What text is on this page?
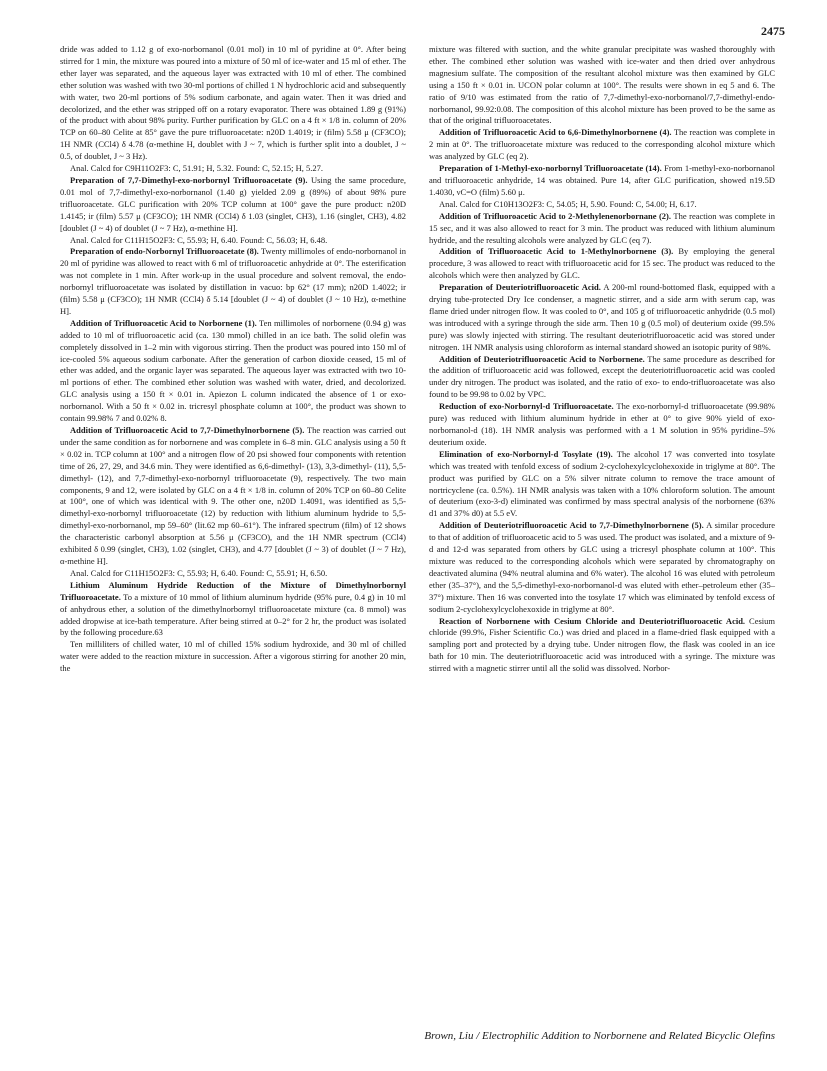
2475

dride was added to 1.12 g of exo-norbornanol (0.01 mol) in 10 ml of pyridine at 0°. After being stirred for 1 min, the mixture was poured into a mixture of 50 ml of ice-water and 15 ml of ether. The ether layer was separated, and the aqueous layer was extracted with 10 ml of ether. The combined ether solution was washed with two 30-ml portions of chilled 1 N hydrochloric acid and subsequently with water, two 20-ml portions of 5% sodium carbonate, and again water. Then it was dried and decolorized, and the ether was stripped off on a rotary evaporator. There was obtained 1.89 g (91%) of the product with about 98% purity. Further purification by GLC on a 4 ft × 1/8 in. column of 20% TCP on 60–80 Celite at 85° gave the pure trifluoroacetate: n20D 1.4019; ir (film) 5.58 μ (CF3CO); 1H NMR (CCl4) δ 4.78 (α-methine H, doublet with J ~ 7, which is further split into a doublet, J ~ 0.5, of doublet, J ~ 3 Hz).

Anal. Calcd for C9H11O2F3: C, 51.91; H, 5.32. Found: C, 52.15; H, 5.27.

Preparation of 7,7-Dimethyl-exo-norbornyl Trifluoroacetate (9). Using the same procedure, 0.01 mol of 7,7-dimethyl-exo-norbornanol (1.40 g) yielded 2.09 g (89%) of about 98% pure trifluoroacetate. GLC purification with 20% TCP column at 100° gave the pure product: n20D 1.4145; ir (film) 5.57 μ (CF3CO); 1H NMR (CCl4) δ 1.03 (singlet, CH3), 1.16 (singlet, CH3), 4.82 [doublet (J ~ 4) of doublet (J ~ 7 Hz), α-methine H].

Anal. Calcd for C11H15O2F3: C, 55.93; H, 6.40. Found: C, 56.03; H, 6.48.

Preparation of endo-Norbornyl Trifluoroacetate (8). Twenty millimoles of endo-norbornanol in 20 ml of pyridine was allowed to react with 6 ml of trifluoroacetic anhydride at 0°. The esterification was not complete in 1 min. After work-up in the usual procedure and solvent removal, the endo-norbornyl trifluoroacetate was isolated by distillation in vacuo: bp 62° (17 mm); n20D 1.4022; ir (film) 5.58 μ (CF3CO); 1H NMR (CCl4) δ 5.14 [doublet (J ~ 4) of doublet (J ~ 10 Hz), α-methine H].

Addition of Trifluoroacetic Acid to Norbornene (1). Ten millimoles of norbornene (0.94 g) was added to 10 ml of trifluoroacetic acid (ca. 130 mmol) chilled in an ice bath. The solid olefin was completely dissolved in 1–2 min with vigorous stirring. Then the product was poured into 150 ml of ice-cooled 5% aqueous sodium carbonate. After the generation of carbon dioxide ceased, 15 ml of ether was added, and the organic layer was separated. The aqueous layer was extracted with two 10-ml portions of ether. The combined ether solution was washed with water, dried, and decolorized. GLC analysis using a 150 ft × 0.01 in. Apiezon L column indicated the absence of 1 or exo-norbornanol. With a 50 ft × 0.02 in. tricresyl phosphate column at 100°, the product was shown to contain 99.98% 7 and 0.02% 8.

Addition of Trifluoroacetic Acid to 7,7-Dimethylnorbornene (5). The reaction was carried out under the same condition as for norbornene and was complete in 6–8 min. GLC analysis using a 50 ft × 0.02 in. TCP column at 100° and a nitrogen flow of 20 psi showed four components with retention time of 26, 27, 29, and 34.6 min. They were identified as 6,6-dimethyl- (13), 3,3-dimethyl- (11), 5,5-dimethyl- (12), and 7,7-dimethyl-exo-norbornyl trifluoroacetate (9), respectively. The two main components, 9 and 12, were isolated by GLC on a 4 ft × 1/8 in. column of 20% TCP on 60–80 Celite at 100°, one of which was identical with 9. The other one, n20D 1.4091, was identified as 5,5-dimethyl-exo-norbornyl trifluoroacetate (12) by reduction with lithium aluminum hydride to 5,5-dimethyl-exo-norbornanol, mp 59–60° (lit.62 mp 60–61°). The infrared spectrum (film) of 12 shows the characteristic carbonyl absorption at 5.56 μ (CF3CO), and the 1H NMR spectrum (CCl4) exhibited δ 0.99 (singlet, CH3), 1.02 (singlet, CH3), and 4.77 [doublet (J ~ 3) of doublet (J ~ 7 Hz), α-methine H].

Anal. Calcd for C11H15O2F3: C, 55.93; H, 6.40. Found: C, 55.91; H, 6.50.

Lithium Aluminum Hydride Reduction of the Mixture of Dimethylnorbornyl Trifluoroacetate. To a mixture of 10 mmol of lithium aluminum hydride (95% pure, 0.4 g) in 10 ml of anhydrous ether, a solution of the dimethylnorbornyl trifluoroacetate mixture (ca. 8 mmol) was added dropwise at ice-bath temperature. After being stirred at 0–2° for 2 hr, the product was isolated by the following procedure.63

Ten milliliters of chilled water, 10 ml of chilled 15% sodium hydroxide, and 30 ml of chilled water were added to the reaction mixture in succession. After a vigorous stirring for another 20 min, the

mixture was filtered with suction, and the white granular precipitate was washed thoroughly with ether. The combined ether solution was washed with ice-water and then dried over anhydrous magnesium sulfate. The composition of the resultant alcohol mixture was then examined by GLC using a 150 ft × 0.01 in. UCON polar column at 100°. The results were shown in eq 5 and 6. The ratio of 9/10 was estimated from the ratio of 7,7-dimethyl-exo-norbornanol/7,7-dimethyl-endo-norbornanol, 99.92:0.08. The composition of this alcohol mixture has been proved to be the same as that of the original trifluoroacetates.

Addition of Trifluoroacetic Acid to 6,6-Dimethylnorbornene (4). The reaction was complete in 2 min at 0°. The trifluoroacetate mixture was reduced to the corresponding alcohol mixture which was analyzed by GLC (eq 2).

Preparation of 1-Methyl-exo-norbornyl Trifluoroacetate (14). From 1-methyl-exo-norbornanol and trifluoroacetic anhydride, 14 was obtained. Pure 14, after GLC purification, showed n19.5D 1.4030, νC=O (film) 5.60 μ.

Anal. Calcd for C10H13O2F3: C, 54.05; H, 5.90. Found: C, 54.00; H, 6.17.

Addition of Trifluoroacetic Acid to 2-Methylenenorbornane (2). The reaction was complete in 15 sec, and it was also allowed to react for 3 min. The product was reduced with lithium aluminum hydride, and the resulting alcohols were analyzed by GLC (eq 7).

Addition of Trifluoroacetic Acid to 1-Methylnorbornene (3). By employing the general procedure, 3 was allowed to react with trifluoroacetic acid for 15 sec. The product was reduced to the alcohols which were then analyzed by GLC.

Preparation of Deuteriotrifluoroacetic Acid. A 200-ml round-bottomed flask, equipped with a drying tube-protected Dry Ice condenser, a magnetic stirrer, and a side arm with serum cap, was flame dried under nitrogen flow. It was cooled to 0°, and 105 g of trifluoroacetic anhydride (0.5 mol) was introduced with a syringe through the side arm. Then 10 g (0.5 mol) of deuterium oxide (99.5% pure) was slowly injected with stirring. The resultant deuteriotrifluoroacetic acid was stored under nitrogen. 1H NMR analysis using chloroform as internal standard showed an isotopic purity of 98%.

Addition of Deuteriotrifluoroacetic Acid to Norbornene. The same procedure as described for the addition of trifluoroacetic acid was followed, except the deuteriotrifluoroacetic acid was cooled under dry nitrogen. The product was isolated, and the ratio of exo- to endo-trifluoroacetate was also found to be 99.98 to 0.02 by VPC.

Reduction of exo-Norbornyl-d Trifluoroacetate. The exo-norbornyl-d trifluoroacetate (99.98% pure) was reduced with lithium aluminum hydride in ether at 0° to give 90% yield of exo-norbornanol-d (18). 1H NMR analysis was performed with a 1 M solution in 95% pyridine–5% deuterium oxide.

Elimination of exo-Norbornyl-d Tosylate (19). The alcohol 17 was converted into tosylate which was treated with tenfold excess of sodium 2-cyclohexylcyclohexoxide in triglyme at 80°. The product was purified by GLC on a 5% silver nitrate column to remove the trace amount of nortricyclene (ca. 0.5%). 1H NMR analysis was taken with a 10% chloroform solution. The amount of deuterium (exo-3-d) eliminated was confirmed by mass spectral analysis of the norbornene (63% d1 and 37% d0) at 5.5 eV.

Addition of Deuteriotrifluoroacetic Acid to 7,7-Dimethylnorbornene (5). A similar procedure to that of addition of trifluoroacetic acid to 5 was used. The product was isolated, and a mixture of 9-d and 12-d was separated from others by GLC using a tricresyl phosphate column at 100°. This mixture was reduced to the corresponding alcohols which were separated by chromatography on deactivated alumina (94% neutral alumina and 6% water). The alcohol 16 was eluted with petroleum ether (35–37°), and the 5,5-dimethyl-exo-norbornanol-d was eluted with ether–petroleum ether (35–37°) mixture. Then 16 was converted into the tosylate 17 which was eliminated by tenfold excess of sodium 2-cyclohexylcyclohexoxide in triglyme at 80°.

Reaction of Norbornene with Cesium Chloride and Deuteriotrifluoroacetic Acid. Cesium chloride (99.9%, Fisher Scientific Co.) was dried and placed in a flame-dried flask equipped with a sampling port and protected by a drying tube. Under nitrogen flow, the flask was cooled in an ice bath for 10 min. The deuteriotrifluoroacetic acid was introduced with a syringe. The mixture was stirred with a magnetic stirrer until all the solid was dissolved. Norbor-

Brown, Liu / Electrophilic Addition to Norbornene and Related Bicyclic Olefins
